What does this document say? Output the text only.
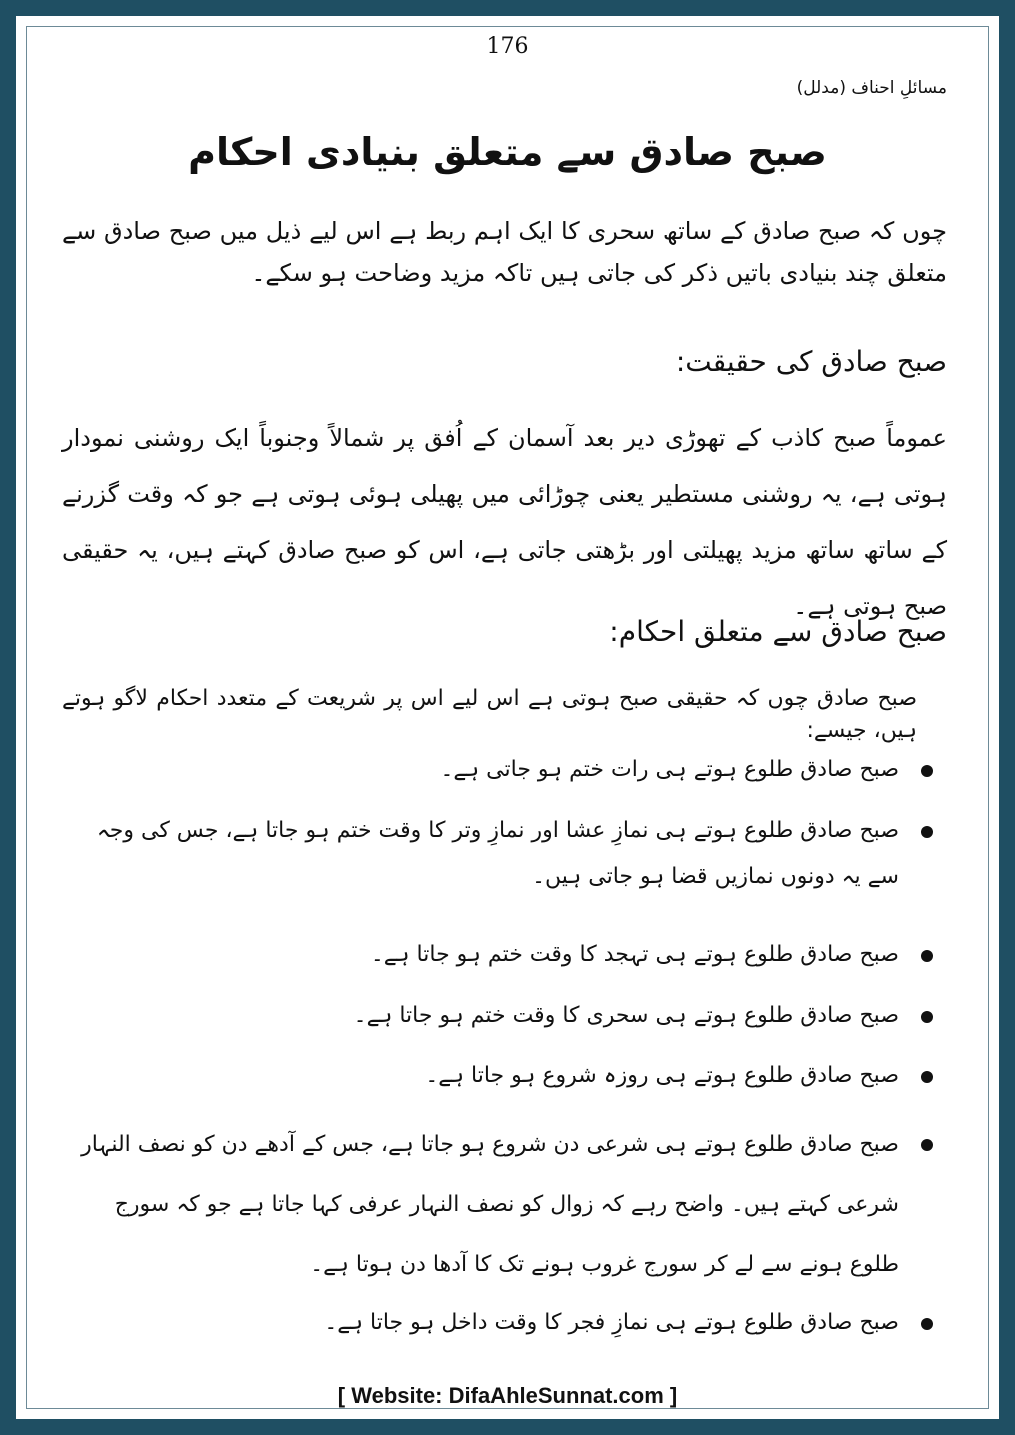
176
مسائلِ احناف (مدلل)
صبح صادق سے متعلق بنیادی احکام
چوں کہ صبح صادق کے ساتھ سحری کا ایک اہم ربط ہے اس لیے ذیل میں صبح صادق سے متعلق چند بنیادی باتیں ذکر کی جاتی ہیں تاکہ مزید وضاحت ہو سکے۔
صبح صادق کی حقیقت:
عموماً صبح کاذب کے تھوڑی دیر بعد آسمان کے اُفق پر شمالاً وجنوباً ایک روشنی نمودار ہوتی ہے، یہ روشنی مستطیر یعنی چوڑائی میں پھیلی ہوئی ہوتی ہے جو کہ وقت گزرنے کے ساتھ ساتھ مزید پھیلتی اور بڑھتی جاتی ہے، اس کو صبح صادق کہتے ہیں، یہ حقیقی صبح ہوتی ہے۔
صبح صادق سے متعلق احکام:
صبح صادق چوں کہ حقیقی صبح ہوتی ہے اس لیے اس پر شریعت کے متعدد احکام لاگو ہوتے ہیں، جیسے:
صبح صادق طلوع ہوتے ہی رات ختم ہو جاتی ہے۔
صبح صادق طلوع ہوتے ہی نمازِ عشا اور نمازِ وتر کا وقت ختم ہو جاتا ہے، جس کی وجہ سے یہ دونوں نمازیں قضا ہو جاتی ہیں۔
صبح صادق طلوع ہوتے ہی تہجد کا وقت ختم ہو جاتا ہے۔
صبح صادق طلوع ہوتے ہی سحری کا وقت ختم ہو جاتا ہے۔
صبح صادق طلوع ہوتے ہی روزہ شروع ہو جاتا ہے۔
صبح صادق طلوع ہوتے ہی شرعی دن شروع ہو جاتا ہے، جس کے آدھے دن کو نصف النہار شرعی کہتے ہیں۔ واضح رہے کہ زوال کو نصف النہار عرفی کہا جاتا ہے جو کہ سورج طلوع ہونے سے لے کر سورج غروب ہونے تک کا آدھا دن ہوتا ہے۔
صبح صادق طلوع ہوتے ہی نمازِ فجر کا وقت داخل ہو جاتا ہے۔
[ Website: DifaAhleSunnat.com ]
